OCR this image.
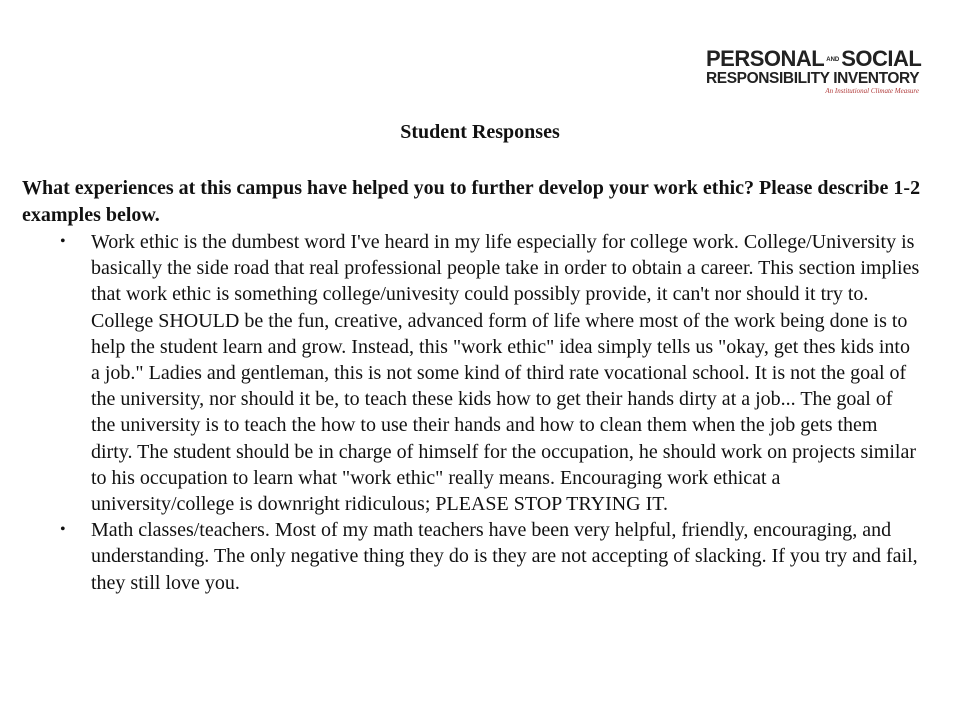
PERSONAL ANDSOCIAL
RESPONSIBILITY INVENTORY
An Institutional Climate Measure
Student Responses
What experiences at this campus have helped you to further develop your work ethic? Please describe 1-2 examples below.
• Work ethic is the dumbest word I've heard in my life especially for college work. College/University is basically the side road that real professional people take in order to obtain a career. This section implies that work ethic is something college/univesity could possibly provide, it can't nor should it try to. College SHOULD be the fun, creative, advanced form of life where most of the work being done is to help the student learn and grow. Instead, this "work ethic" idea simply tells us "okay, get thes kids into a job." Ladies and gentleman, this is not some kind of third rate vocational school. It is not the goal of the university, nor should it be, to teach these kids how to get their hands dirty at a job... The goal of the university is to teach the how to use their hands and how to clean them when the job gets them dirty. The student should be in charge of himself for the occupation, he should work on projects similar to his occupation to learn what "work ethic" really means. Encouraging work ethicat a university/college is downright ridiculous; PLEASE STOP TRYING IT.
• Math classes/teachers. Most of my math teachers have been very helpful, friendly, encouraging, and understanding. The only negative thing they do is they are not accepting of slacking. If you try and fail, they still love you.
